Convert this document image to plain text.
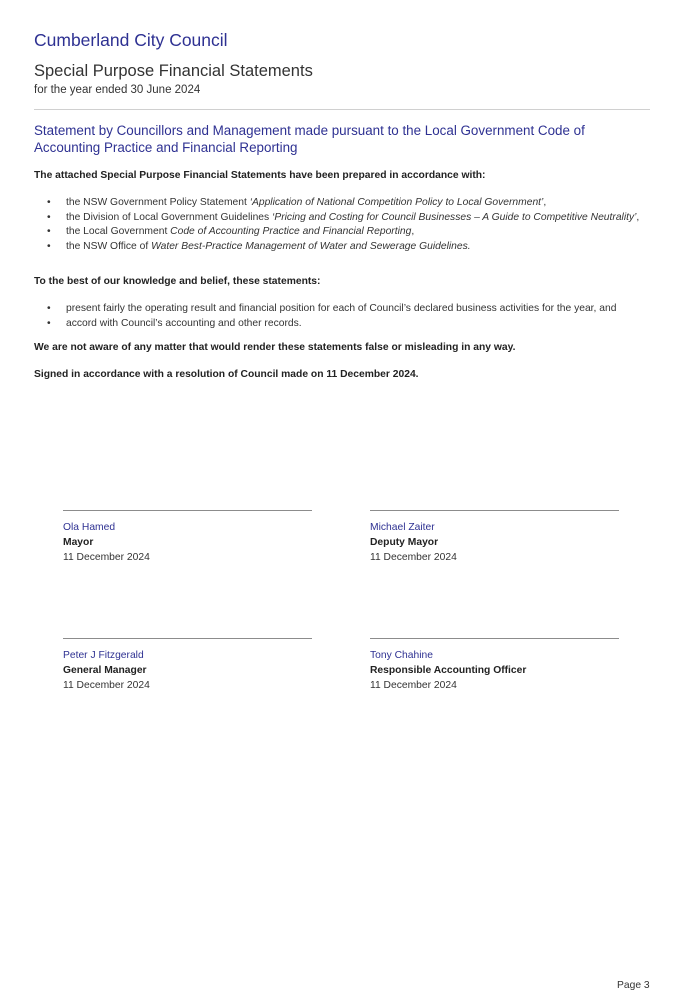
Cumberland City Council
Special Purpose Financial Statements
for the year ended 30 June 2024
Statement by Councillors and Management made pursuant to the Local Government Code of Accounting Practice and Financial Reporting
The attached Special Purpose Financial Statements have been prepared in accordance with:
• the NSW Government Policy Statement ‘Application of National Competition Policy to Local Government’,
• the Division of Local Government Guidelines ‘Pricing and Costing for Council Businesses – A Guide to Competitive Neutrality’,
• the Local Government Code of Accounting Practice and Financial Reporting,
• the NSW Office of Water Best-Practice Management of Water and Sewerage Guidelines.
To the best of our knowledge and belief, these statements:
• present fairly the operating result and financial position for each of Council’s declared business activities for the year, and
• accord with Council’s accounting and other records.
We are not aware of any matter that would render these statements false or misleading in any way.
Signed in accordance with a resolution of Council made on 11 December 2024.
Ola Hamed
Mayor
11 December 2024
Michael Zaiter
Deputy Mayor
11 December 2024
Peter J Fitzgerald
General Manager
11 December 2024
Tony Chahine
Responsible Accounting Officer
11 December 2024
Page 3
